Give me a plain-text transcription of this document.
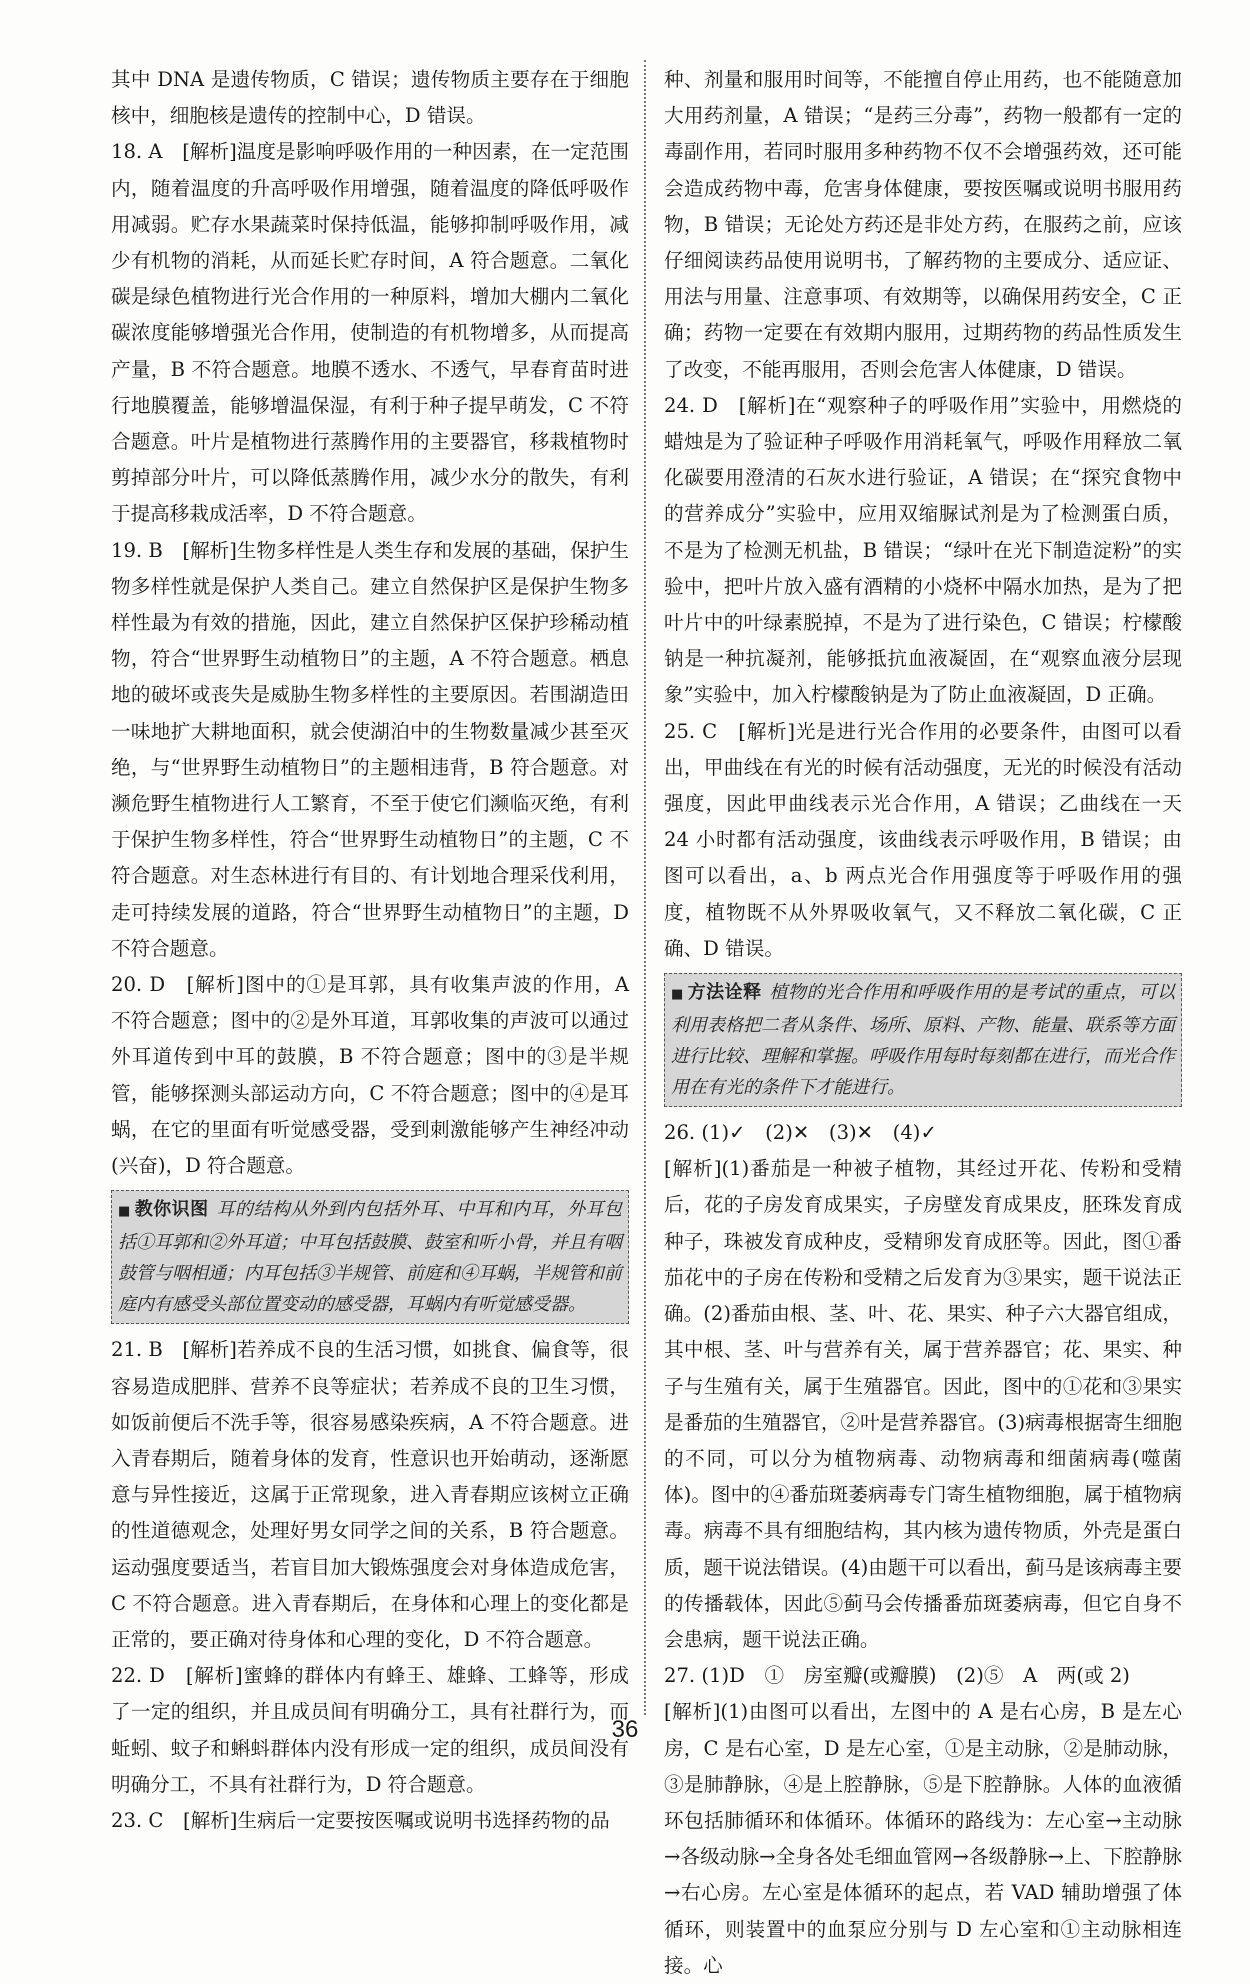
其中 DNA 是遗传物质，C 错误；遗传物质主要存在于细胞核中，细胞核是遗传的控制中心，D 错误。

18. A　[解析]温度是影响呼吸作用的一种因素，在一定范围内，随着温度的升高呼吸作用增强，随着温度的降低呼吸作用减弱。贮存水果蔬菜时保持低温，能够抑制呼吸作用，减少有机物的消耗，从而延长贮存时间，A 符合题意。二氧化碳是绿色植物进行光合作用的一种原料，增加大棚内二氧化碳浓度能够增强光合作用，使制造的有机物增多，从而提高产量，B 不符合题意。地膜不透水、不透气，早春育苗时进行地膜覆盖，能够增温保湿，有利于种子提早萌发，C 不符合题意。叶片是植物进行蒸腾作用的主要器官，移栽植物时剪掉部分叶片，可以降低蒸腾作用，减少水分的散失，有利于提高移栽成活率，D 不符合题意。

19. B　[解析]生物多样性是人类生存和发展的基础，保护生物多样性就是保护人类自己。建立自然保护区是保护生物多样性最为有效的措施，因此，建立自然保护区保护珍稀动植物，符合“世界野生动植物日”的主题，A 不符合题意。栖息地的破坏或丧失是威胁生物多样性的主要原因。若围湖造田一味地扩大耕地面积，就会使湖泊中的生物数量减少甚至灭绝，与“世界野生动植物日”的主题相违背，B 符合题意。对濒危野生植物进行人工繁育，不至于使它们濒临灭绝，有利于保护生物多样性，符合“世界野生动植物日”的主题，C 不符合题意。对生态林进行有目的、有计划地合理采伐利用，走可持续发展的道路，符合“世界野生动植物日”的主题，D 不符合题意。

20. D　[解析]图中的①是耳郭，具有收集声波的作用，A 不符合题意；图中的②是外耳道，耳郭收集的声波可以通过外耳道传到中耳的鼓膜，B 不符合题意；图中的③是半规管，能够探测头部运动方向，C 不符合题意；图中的④是耳蜗，在它的里面有听觉感受器，受到刺激能够产生神经冲动(兴奋)，D 符合题意。

■ 教你识图 耳的结构从外到内包括外耳、中耳和内耳，外耳包括①耳郭和②外耳道；中耳包括鼓膜、鼓室和听小骨，并且有咽鼓管与咽相通；内耳包括③半规管、前庭和④耳蜗，半规管和前庭内有感受头部位置变动的感受器，耳蜗内有听觉感受器。

21. B　[解析]若养成不良的生活习惯，如挑食、偏食等，很容易造成肥胖、营养不良等症状；若养成不良的卫生习惯，如饭前便后不洗手等，很容易感染疾病，A 不符合题意。进入青春期后，随着身体的发育，性意识也开始萌动，逐渐愿意与异性接近，这属于正常现象，进入青春期应该树立正确的性道德观念，处理好男女同学之间的关系，B 符合题意。运动强度要适当，若盲目加大锻炼强度会对身体造成危害，C 不符合题意。进入青春期后，在身体和心理上的变化都是正常的，要正确对待身体和心理的变化，D 不符合题意。

22. D　[解析]蜜蜂的群体内有蜂王、雄蜂、工蜂等，形成了一定的组织，并且成员间有明确分工，具有社群行为，而蚯蚓、蚊子和蝌蚪群体内没有形成一定的组织，成员间没有明确分工，不具有社群行为，D 符合题意。

23. C　[解析]生病后一定要按医嘱或说明书选择药物的品

种、剂量和服用时间等，不能擅自停止用药，也不能随意加大用药剂量，A 错误；“是药三分毒”，药物一般都有一定的毒副作用，若同时服用多种药物不仅不会增强药效，还可能会造成药物中毒，危害身体健康，要按医嘱或说明书服用药物，B 错误；无论处方药还是非处方药，在服药之前，应该仔细阅读药品使用说明书，了解药物的主要成分、适应证、用法与用量、注意事项、有效期等，以确保用药安全，C 正确；药物一定要在有效期内服用，过期药物的药品性质发生了改变，不能再服用，否则会危害人体健康，D 错误。

24. D　[解析]在“观察种子的呼吸作用”实验中，用燃烧的蜡烛是为了验证种子呼吸作用消耗氧气，呼吸作用释放二氧化碳要用澄清的石灰水进行验证，A 错误；在“探究食物中的营养成分”实验中，应用双缩脲试剂是为了检测蛋白质，不是为了检测无机盐，B 错误；“绿叶在光下制造淀粉”的实验中，把叶片放入盛有酒精的小烧杯中隔水加热，是为了把叶片中的叶绿素脱掉，不是为了进行染色，C 错误；柠檬酸钠是一种抗凝剂，能够抵抗血液凝固，在“观察血液分层现象”实验中，加入柠檬酸钠是为了防止血液凝固，D 正确。

25. C　[解析]光是进行光合作用的必要条件，由图可以看出，甲曲线在有光的时候有活动强度，无光的时候没有活动强度，因此甲曲线表示光合作用，A 错误；乙曲线在一天 24 小时都有活动强度，该曲线表示呼吸作用，B 错误；由图可以看出，a、b 两点光合作用强度等于呼吸作用的强度，植物既不从外界吸收氧气，又不释放二氧化碳，C 正确、D 错误。

■ 方法诠释 植物的光合作用和呼吸作用的是考试的重点，可以利用表格把二者从条件、场所、原料、产物、能量、联系等方面进行比较、理解和掌握。呼吸作用每时每刻都在进行，而光合作用在有光的条件下才能进行。

26. (1)✓　(2)✕　(3)✕　(4)✓

[解析](1)番茄是一种被子植物，其经过开花、传粉和受精后，花的子房发育成果实，子房壁发育成果皮，胚珠发育成种子，珠被发育成种皮，受精卵发育成胚等。因此，图①番茄花中的子房在传粉和受精之后发育为③果实，题干说法正确。(2)番茄由根、茎、叶、花、果实、种子六大器官组成，其中根、茎、叶与营养有关，属于营养器官；花、果实、种子与生殖有关，属于生殖器官。因此，图中的①花和③果实是番茄的生殖器官，②叶是营养器官。(3)病毒根据寄生细胞的不同，可以分为植物病毒、动物病毒和细菌病毒(噬菌体)。图中的④番茄斑萎病毒专门寄生植物细胞，属于植物病毒。病毒不具有细胞结构，其内核为遗传物质，外壳是蛋白质，题干说法错误。(4)由题干可以看出，蓟马是该病毒主要的传播载体，因此⑤蓟马会传播番茄斑萎病毒，但它自身不会患病，题干说法正确。

27. (1)D　①　房室瓣(或瓣膜)　(2)⑤　A　两(或 2)

[解析](1)由图可以看出，左图中的 A 是右心房，B 是左心房，C 是右心室，D 是左心室，①是主动脉，②是肺动脉，③是肺静脉，④是上腔静脉，⑤是下腔静脉。人体的血液循环包括肺循环和体循环。体循环的路线为：左心室→主动脉→各级动脉→全身各处毛细血管网→各级静脉→上、下腔静脉→右心房。左心室是体循环的起点，若 VAD 辅助增强了体循环，则装置中的血泵应分别与 D 左心室和①主动脉相连接。心

36
